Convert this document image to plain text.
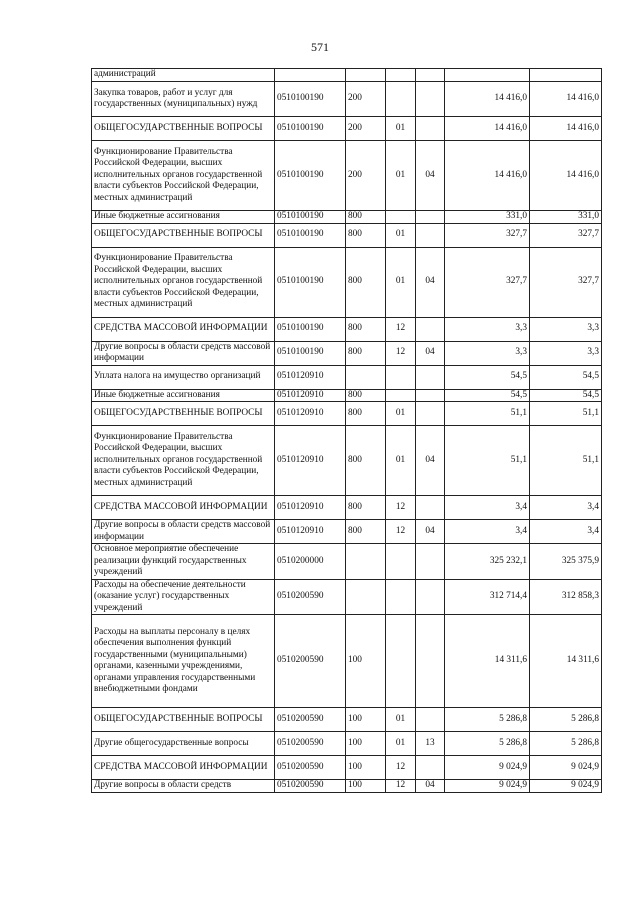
571
администраций						
Закупка товаров, работ и услуг для государственных (муниципальных) нужд	0510100190	200			14 416,0	14 416,0
ОБЩЕГОСУДАРСТВЕННЫЕ ВОПРОСЫ	0510100190	200	01		14 416,0	14 416,0
Функционирование Правительства Российской Федерации, высших исполнительных органов государственной власти субъектов Российской Федерации, местных администраций	0510100190	200	01	04	14 416,0	14 416,0
Иные бюджетные ассигнования	0510100190	800			331,0	331,0
ОБЩЕГОСУДАРСТВЕННЫЕ ВОПРОСЫ	0510100190	800	01		327,7	327,7
Функционирование Правительства Российской Федерации, высших исполнительных органов государственной власти субъектов Российской Федерации, местных администраций	0510100190	800	01	04	327,7	327,7
СРЕДСТВА МАССОВОЙ ИНФОРМАЦИИ	0510100190	800	12		3,3	3,3
Другие вопросы в области средств массовой информации	0510100190	800	12	04	3,3	3,3
Уплата налога на имущество организаций	0510120910				54,5	54,5
Иные бюджетные ассигнования	0510120910	800			54,5	54,5
ОБЩЕГОСУДАРСТВЕННЫЕ ВОПРОСЫ	0510120910	800	01		51,1	51,1
Функционирование Правительства Российской Федерации, высших исполнительных органов государственной власти субъектов Российской Федерации, местных администраций	0510120910	800	01	04	51,1	51,1
СРЕДСТВА МАССОВОЙ ИНФОРМАЦИИ	0510120910	800	12		3,4	3,4
Другие вопросы в области средств массовой информации	0510120910	800	12	04	3,4	3,4
Основное мероприятие обеспечение реализации функций государственных учреждений	0510200000				325 232,1	325 375,9
Расходы на обеспечение деятельности (оказание услуг) государственных учреждений	0510200590				312 714,4	312 858,3
Расходы на выплаты персоналу в целях обеспечения выполнения функций государственными (муниципальными) органами, казенными учреждениями, органами управления государственными внебюджетными фондами	0510200590	100			14 311,6	14 311,6
ОБЩЕГОСУДАРСТВЕННЫЕ ВОПРОСЫ	0510200590	100	01		5 286,8	5 286,8
Другие общегосударственные вопросы	0510200590	100	01	13	5 286,8	5 286,8
СРЕДСТВА МАССОВОЙ ИНФОРМАЦИИ	0510200590	100	12		9 024,9	9 024,9
Другие вопросы в области средств	0510200590	100	12	04	9 024,9	9 024,9
